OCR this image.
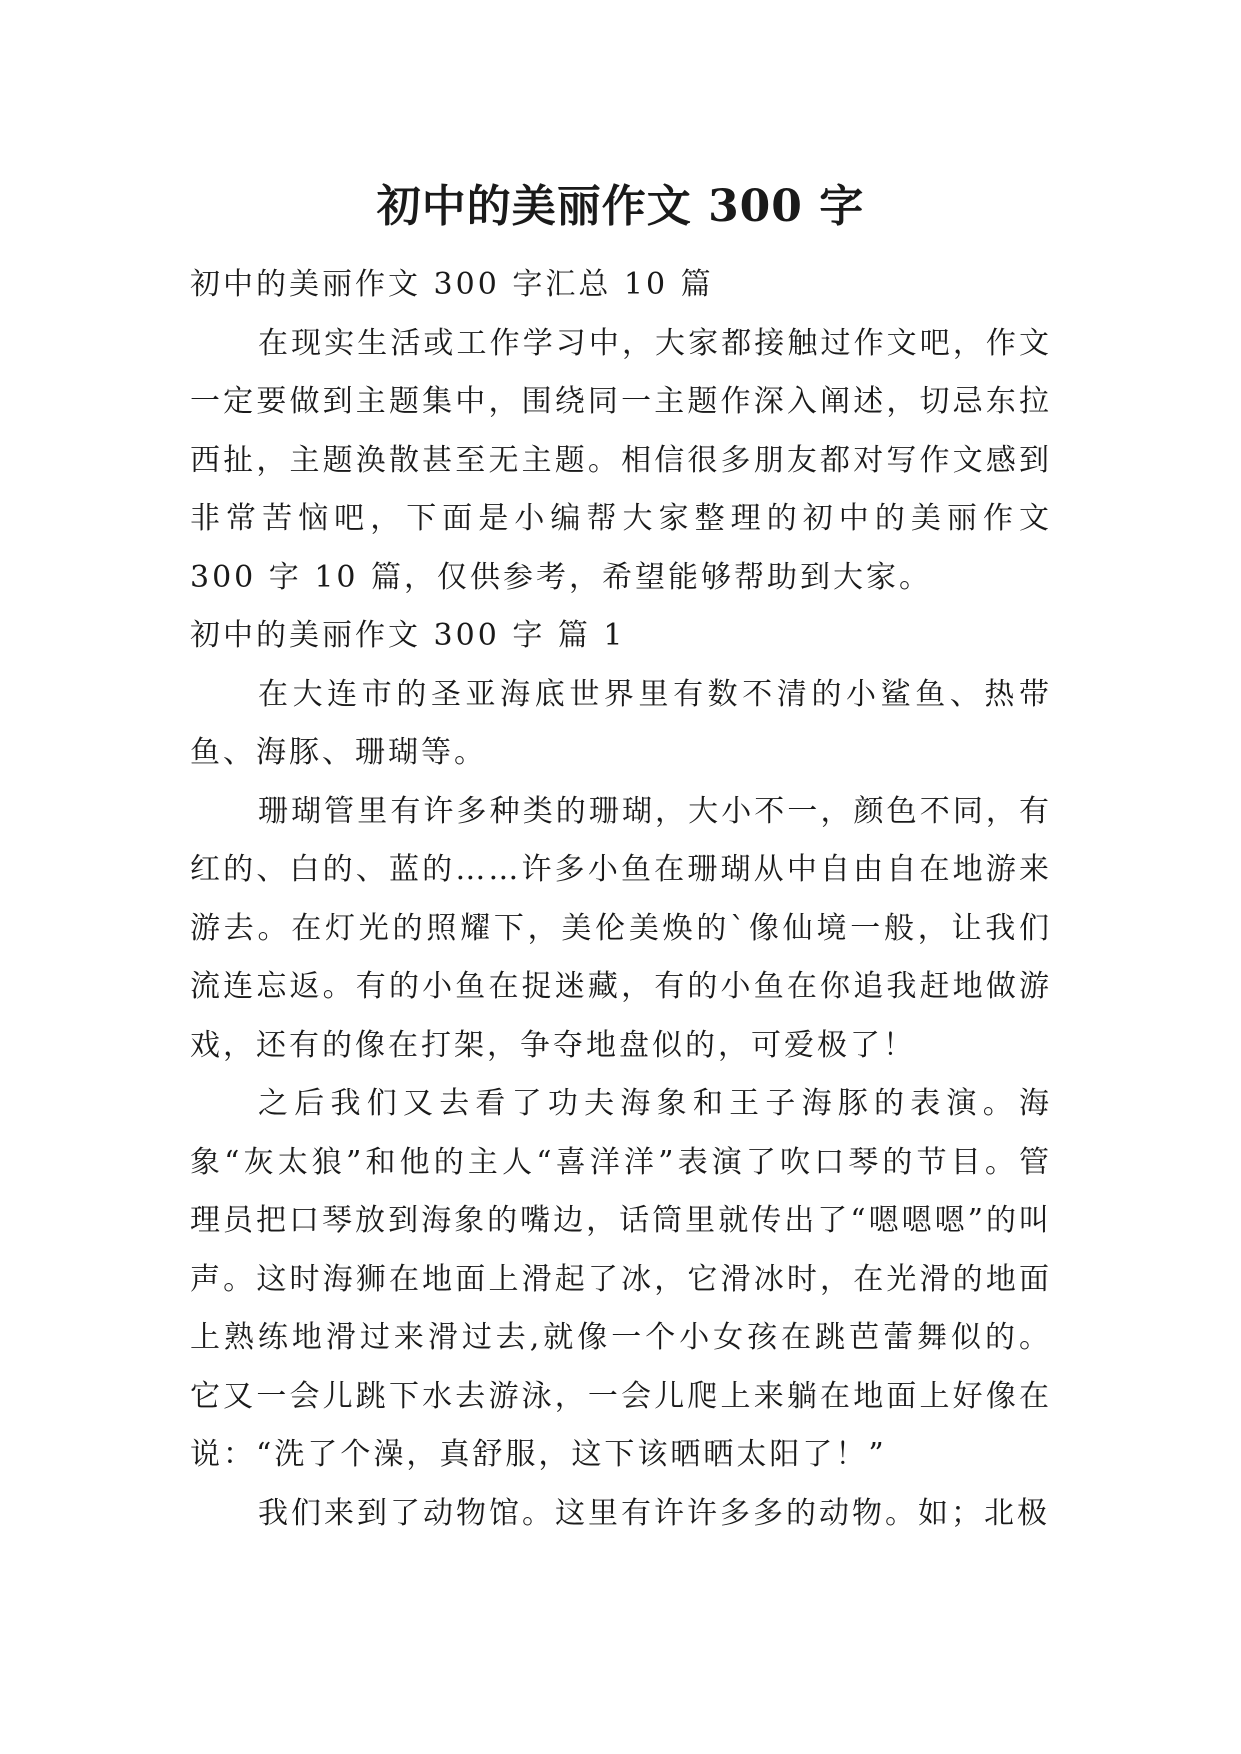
初中的美丽作文 300 字

初中的美丽作文 300 字汇总 10 篇

在现实生活或工作学习中，大家都接触过作文吧，作文一定要做到主题集中，围绕同一主题作深入阐述，切忌东拉西扯，主题涣散甚至无主题。相信很多朋友都对写作文感到非常苦恼吧，下面是小编帮大家整理的初中的美丽作文 300 字 10 篇，仅供参考，希望能够帮助到大家。

初中的美丽作文 300 字 篇 1

在大连市的圣亚海底世界里有数不清的小鲨鱼、热带鱼、海豚、珊瑚等。

珊瑚管里有许多种类的珊瑚，大小不一，颜色不同，有红的、白的、蓝的……许多小鱼在珊瑚从中自由自在地游来游去。在灯光的照耀下，美伦美焕的`像仙境一般，让我们流连忘返。有的小鱼在捉迷藏，有的小鱼在你追我赶地做游戏，还有的像在打架，争夺地盘似的，可爱极了！

之后我们又去看了功夫海象和王子海豚的表演。海象“灰太狼”和他的主人“喜洋洋”表演了吹口琴的节目。管理员把口琴放到海象的嘴边，话筒里就传出了“嗯嗯嗯”的叫声。这时海狮在地面上滑起了冰，它滑冰时，在光滑的地面上熟练地滑过来滑过去,就像一个小女孩在跳芭蕾舞似的。它又一会儿跳下水去游泳，一会儿爬上来躺在地面上好像在说：“洗了个澡，真舒服，这下该晒晒太阳了！”

我们来到了动物馆。这里有许许多多的动物。如；北极
